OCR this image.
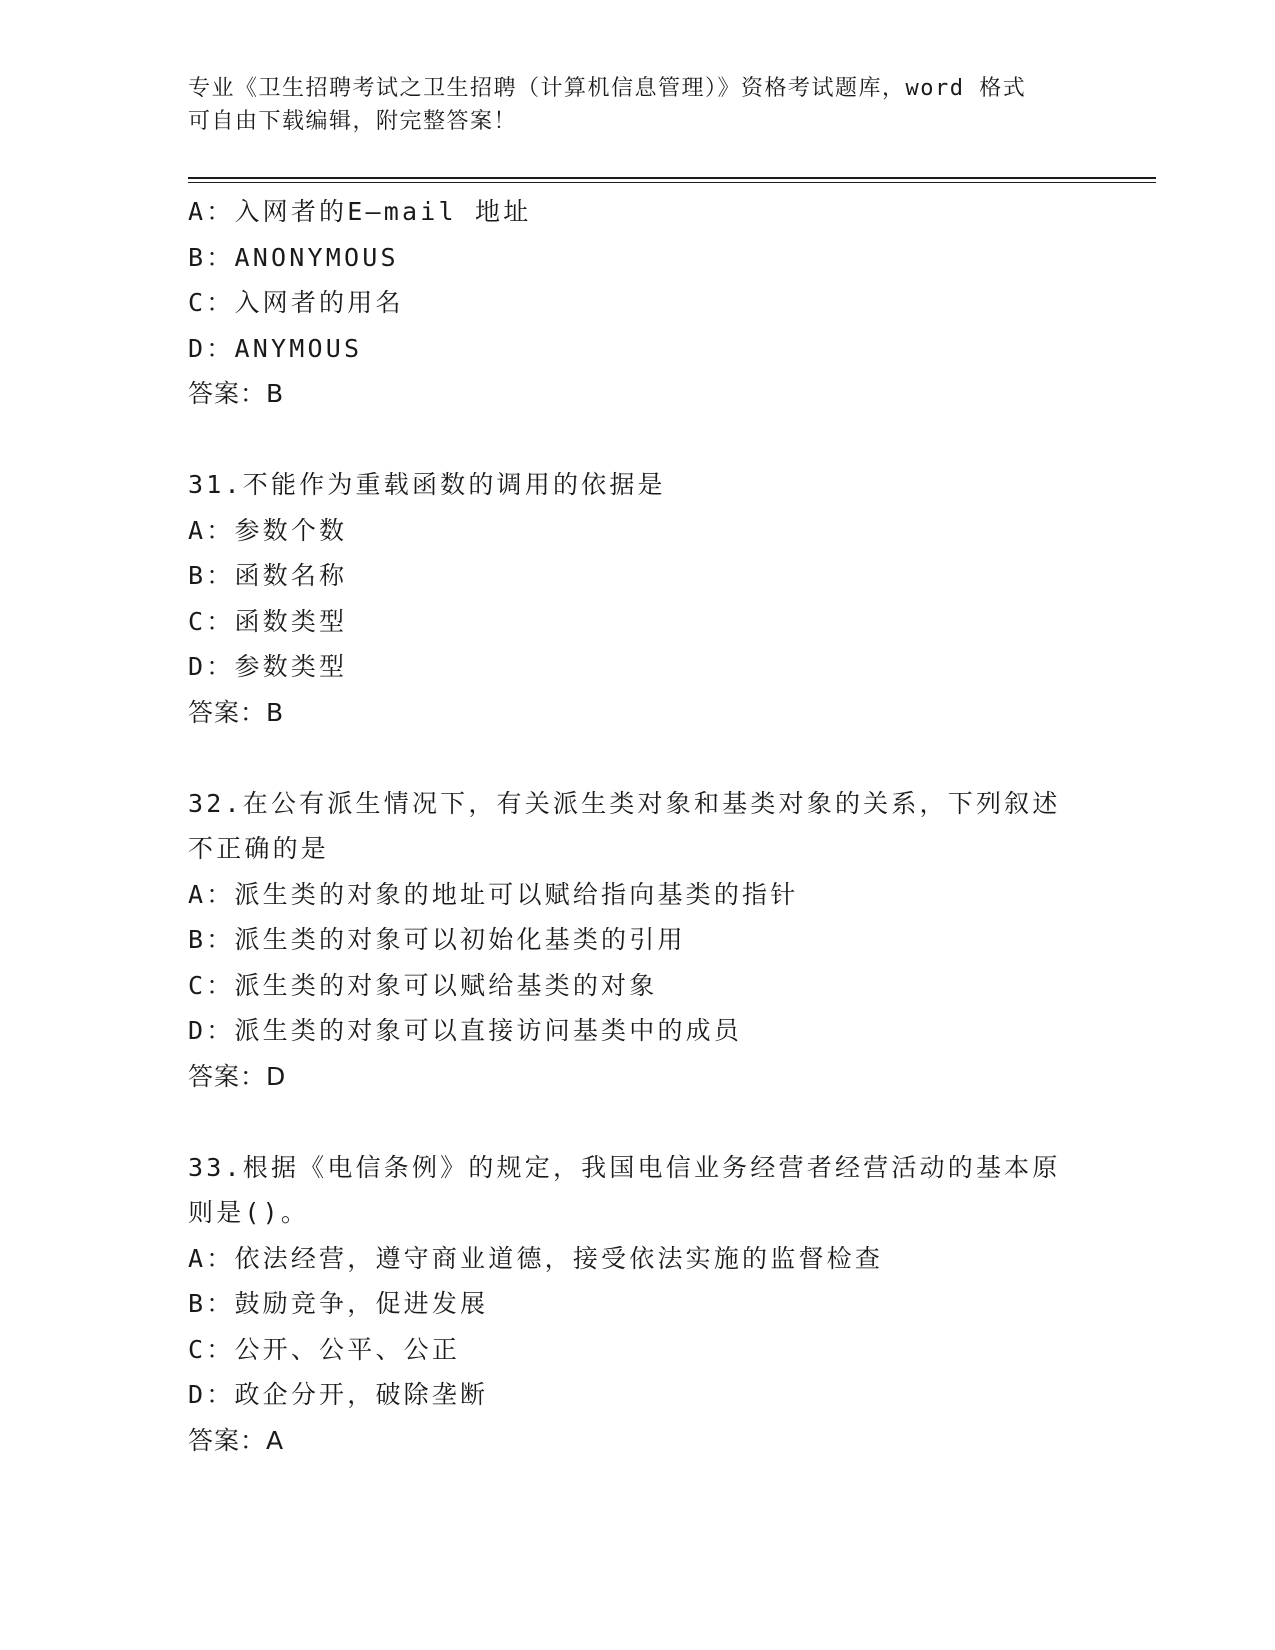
专业《卫生招聘考试之卫生招聘（计算机信息管理）》资格考试题库，word 格式
可自由下载编辑，附完整答案！
A：入网者的E—mail 地址
B：ANONYMOUS
C：入网者的用名
D：ANYMOUS
答案：B
31.不能作为重载函数的调用的依据是
A：参数个数
B：函数名称
C：函数类型
D：参数类型
答案：B
32.在公有派生情况下，有关派生类对象和基类对象的关系，下列叙述
不正确的是
A：派生类的对象的地址可以赋给指向基类的指针
B：派生类的对象可以初始化基类的引用
C：派生类的对象可以赋给基类的对象
D：派生类的对象可以直接访问基类中的成员
答案：D
33.根据《电信条例》的规定，我国电信业务经营者经营活动的基本原
则是()。
A：依法经营，遵守商业道德，接受依法实施的监督检查
B：鼓励竞争，促进发展
C：公开、公平、公正
D：政企分开，破除垄断
答案：A
